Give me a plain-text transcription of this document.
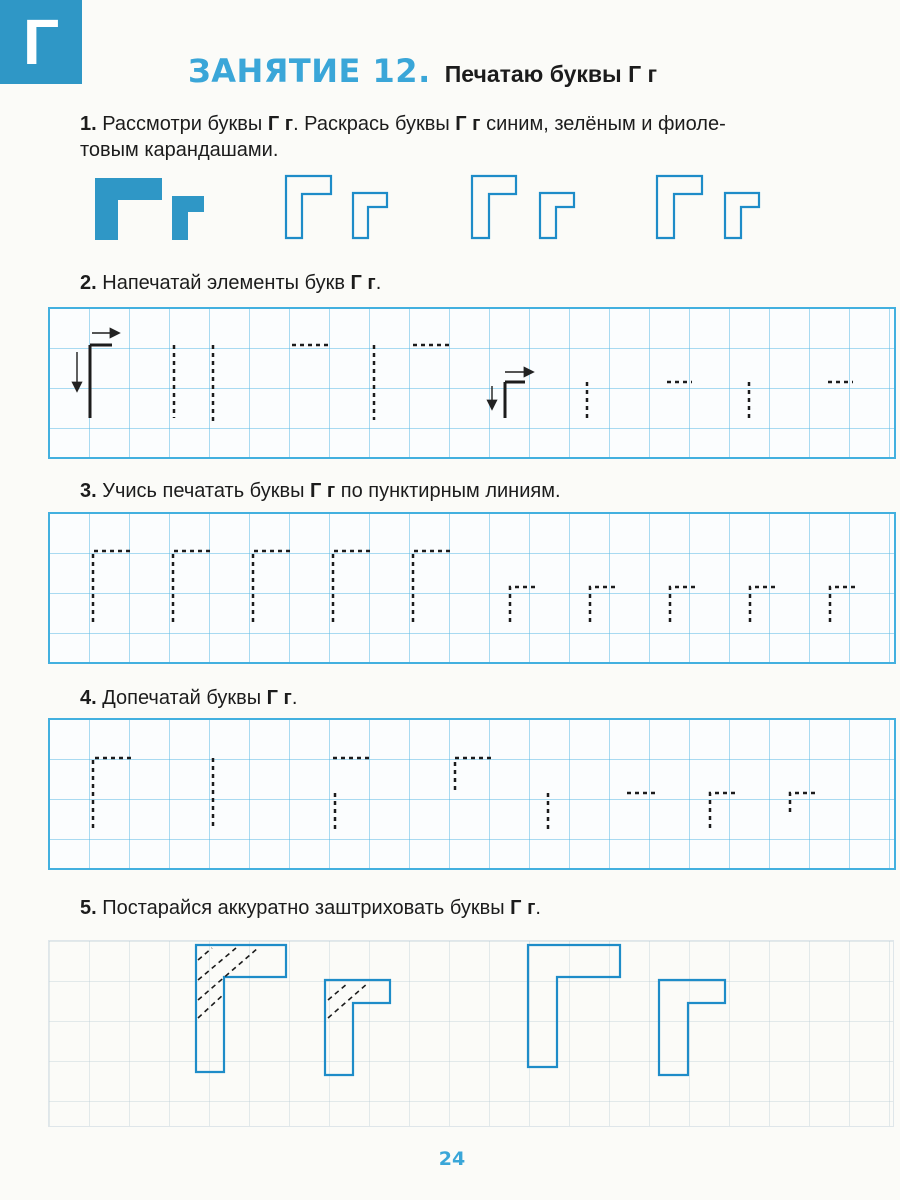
Г	ЗАНЯТИЕ 12. Печатаю буквы Г г
1. Рассмотри буквы Г г. Раскрась буквы Г г синим, зелёным и фиоле-
товым карандашами.
2. Напечатай элементы букв Г г.
3. Учись печатать буквы Г г по пунктирным линиям.
4. Допечатай буквы Г г.
5. Постарайся аккуратно заштриховать буквы Г г.
24
